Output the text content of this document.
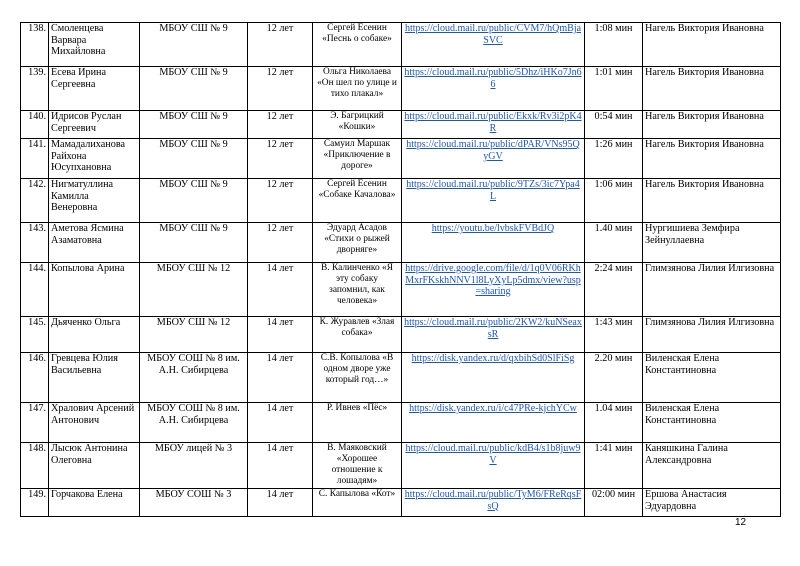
138.	Смоленцева Варвара Михайловна	МБОУ СШ № 9	12 лет	Сергей Есенин «Песнь о собаке»	https://cloud.mail.ru/public/CVM7/hQmBjaSVC	1:08 мин	Нагель Виктория Ивановна
139.	Есева Ирина Сергеевна	МБОУ СШ № 9	12 лет	Ольга Николаева «Он шел по улице и тихо плакал»	https://cloud.mail.ru/public/5Dhz/iHKo7Jn66	1:01 мин	Нагель Виктория Ивановна
140.	Идрисов Руслан Сергеевич	МБОУ СШ № 9	12 лет	Э. Багрицкий «Кошки»	https://cloud.mail.ru/public/Ekxk/Rv3i2pK4R	0:54 мин	Нагель Виктория Ивановна
141.	Мамадалиханова Райхона Юсупхановна	МБОУ СШ № 9	12 лет	Самуил Маршак «Приключение в дороге»	https://cloud.mail.ru/public/dPAR/VNs95QyGV	1:26 мин	Нагель Виктория Ивановна
142.	Нигматуллина Камилла Венеровна	МБОУ СШ № 9	12 лет	Сергей Есенин «Собаке Качалова»	https://cloud.mail.ru/public/9TZs/3ic7Ypa4L	1:06 мин	Нагель Виктория Ивановна
143.	Аметова Ясмина Азаматовна	МБОУ СШ № 9	12 лет	Эдуард Асадов «Стихи о рыжей дворняге»	https://youtu.be/lvbskFVBdJQ	1.40 мин	Нургишиева Земфира Зейнуллаевна
144.	Копылова Арина	МБОУ СШ № 12	14 лет	В. Калинченко «Я эту собаку запомнил, как человека»	https://drive.google.com/file/d/1q0V06RKhMxrFKskhNNV1l8LyXyLp5dmx/view?usp=sharing	2:24 мин	Глимзянова Лилия Илгизовна
145.	Дьяченко Ольга	МБОУ СШ № 12	14 лет	К. Журавлев «Злая собака»	https://cloud.mail.ru/public/2KW2/kuNSeaxsR	1:43 мин	Глимзянова Лилия Илгизовна
146.	Гревцева Юлия Васильевна	МБОУ СОШ № 8 им. А.Н. Сибирцева	14 лет	С.В. Копылова «В одном дворе уже который год…»	https://disk.yandex.ru/d/qxbihSd0SlFiSg	2.20 мин	Виленская Елена Константиновна
147.	Хралович Арсений Антонович	МБОУ СОШ № 8 им. А.Н. Сибирцева	14 лет	Р. Ивнев «Пёс»	https://disk.yandex.ru/i/c47PRe-kjchYCw	1.04 мин	Виленская Елена Константиновна
148.	Лысюк Антонина Олеговна	МБОУ лицей № 3	14 лет	В. Маяковский «Хорошее отношение к лошадям»	https://cloud.mail.ru/public/kdB4/s1b8juw9V	1:41 мин	Каняшкина Галина Александровна
149.	Горчакова Елена	МБОУ СОШ № 3	14 лет	С. Капылова «Кот»	https://cloud.mail.ru/public/TyM6/FReRqsFsQ	02:00 мин	Ершова Анастасия Эдуардовна
12
